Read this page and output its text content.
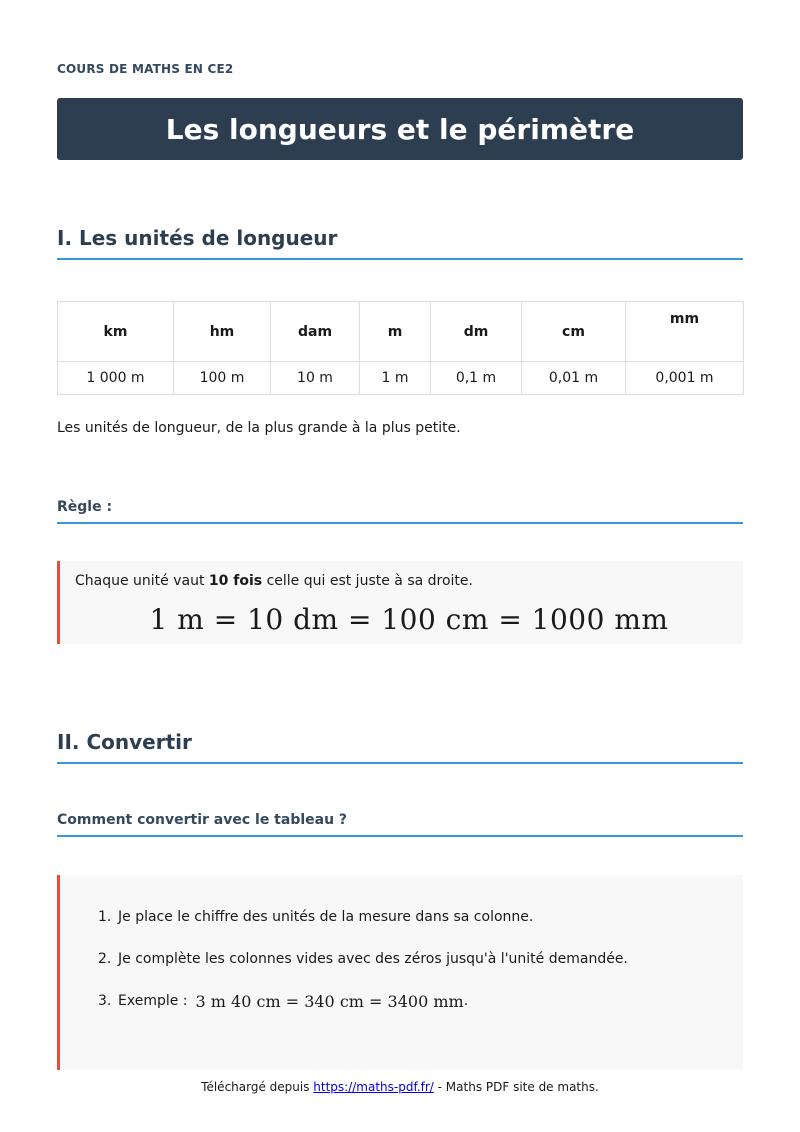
COURS DE MATHS EN CE2
Les longueurs et le périmètre
I. Les unités de longueur
km	hm	dam	m	dm	cm	mm
1 000 m	100 m	10 m	1 m	0,1 m	0,01 m	0,001 m
Les unités de longueur, de la plus grande à la plus petite.
Règle :
Chaque unité vaut 10 fois celle qui est juste à sa droite.
1 m = 10 dm = 100 cm = 1000 mm
II. Convertir
Comment convertir avec le tableau ?
1. Je place le chiffre des unités de la mesure dans sa colonne.
2. Je complète les colonnes vides avec des zéros jusqu'à l'unité demandée.
3. Exemple : 3 m 40 cm = 340 cm = 3400 mm .
Téléchargé depuis https://maths-pdf.fr/ - Maths PDF site de maths.
